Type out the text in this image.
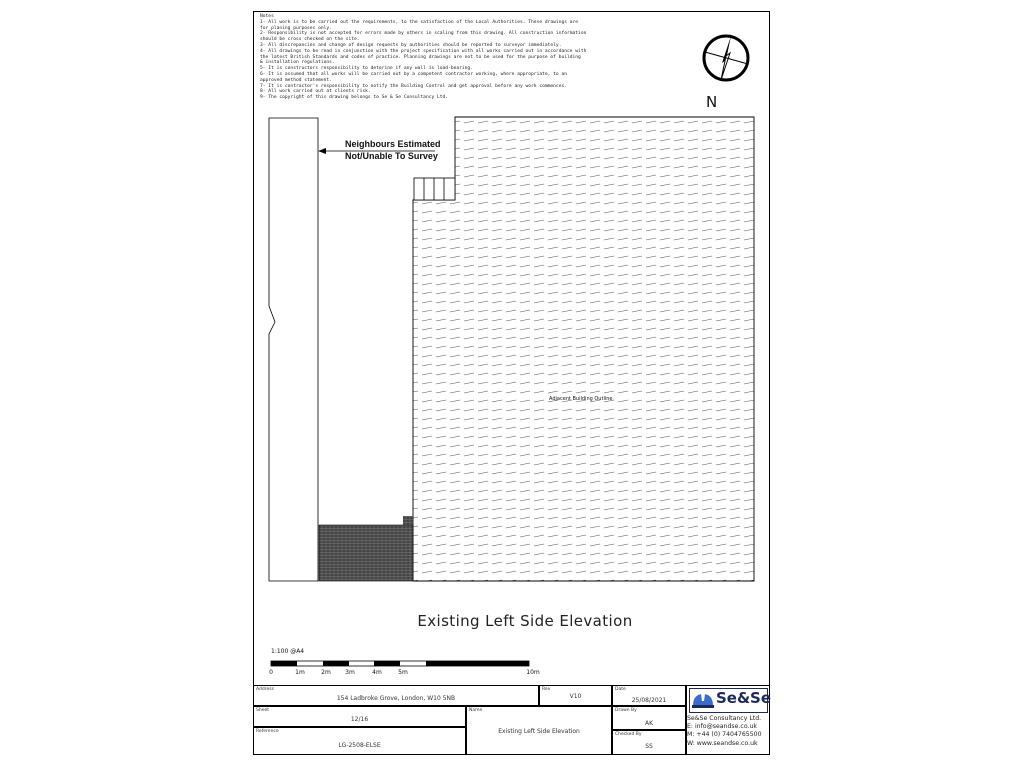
Notes
1- All work is to be carried out the requirements, to the satisfaction of the Local Authorities. These drawings are
for planing purposes only.
2- Responsibility is not accepted for errors made by others in scaling from this drawing. All construction information
should be cross checked on the site.
3- All discrepancies and change of design requests by authorities should be reported to surveyor immediately.
4- All drawings to be read in conjunction with the project specification with all works carried out in accordance with
the latest British Standards and codes of practice. Planning drawings are not to be used for the purpose of building
& installation regulations.
5- It is constructors responsibility to deterine if any wall is load-bearing.
6- It is assumed that all works will be carried out by a competent contractor working, where appropriate, to an
approved method statement.
7- It is contractor's responsibility to notify the Building Control and get approval before any work commences.
8- All work carried out at clients risk.
9- The copyright of this drawing belongs to Se & Se Consultancy Ltd.	N
Neighbours Estimated
Not/Unable To Survey
Adjacent Building Outline
Existing Left Side Elevation
1:100 @A4
0	1m	2m 3m	4m	5m	10m
Address
154 Ladbroke Grove, London, W10 5NB
Rev
V10
Date
25/08/2021
Sheet
12/16
Name
Existing Left Side Elevation
Drawn By
AK
Reference
LG-2508-ELSE
Checked By
SS
Se&Se
Se&Se Consultancy Ltd.
E: info@seandse.co.uk
M: +44 (0) 7404765500
W: www.seandse.co.uk
